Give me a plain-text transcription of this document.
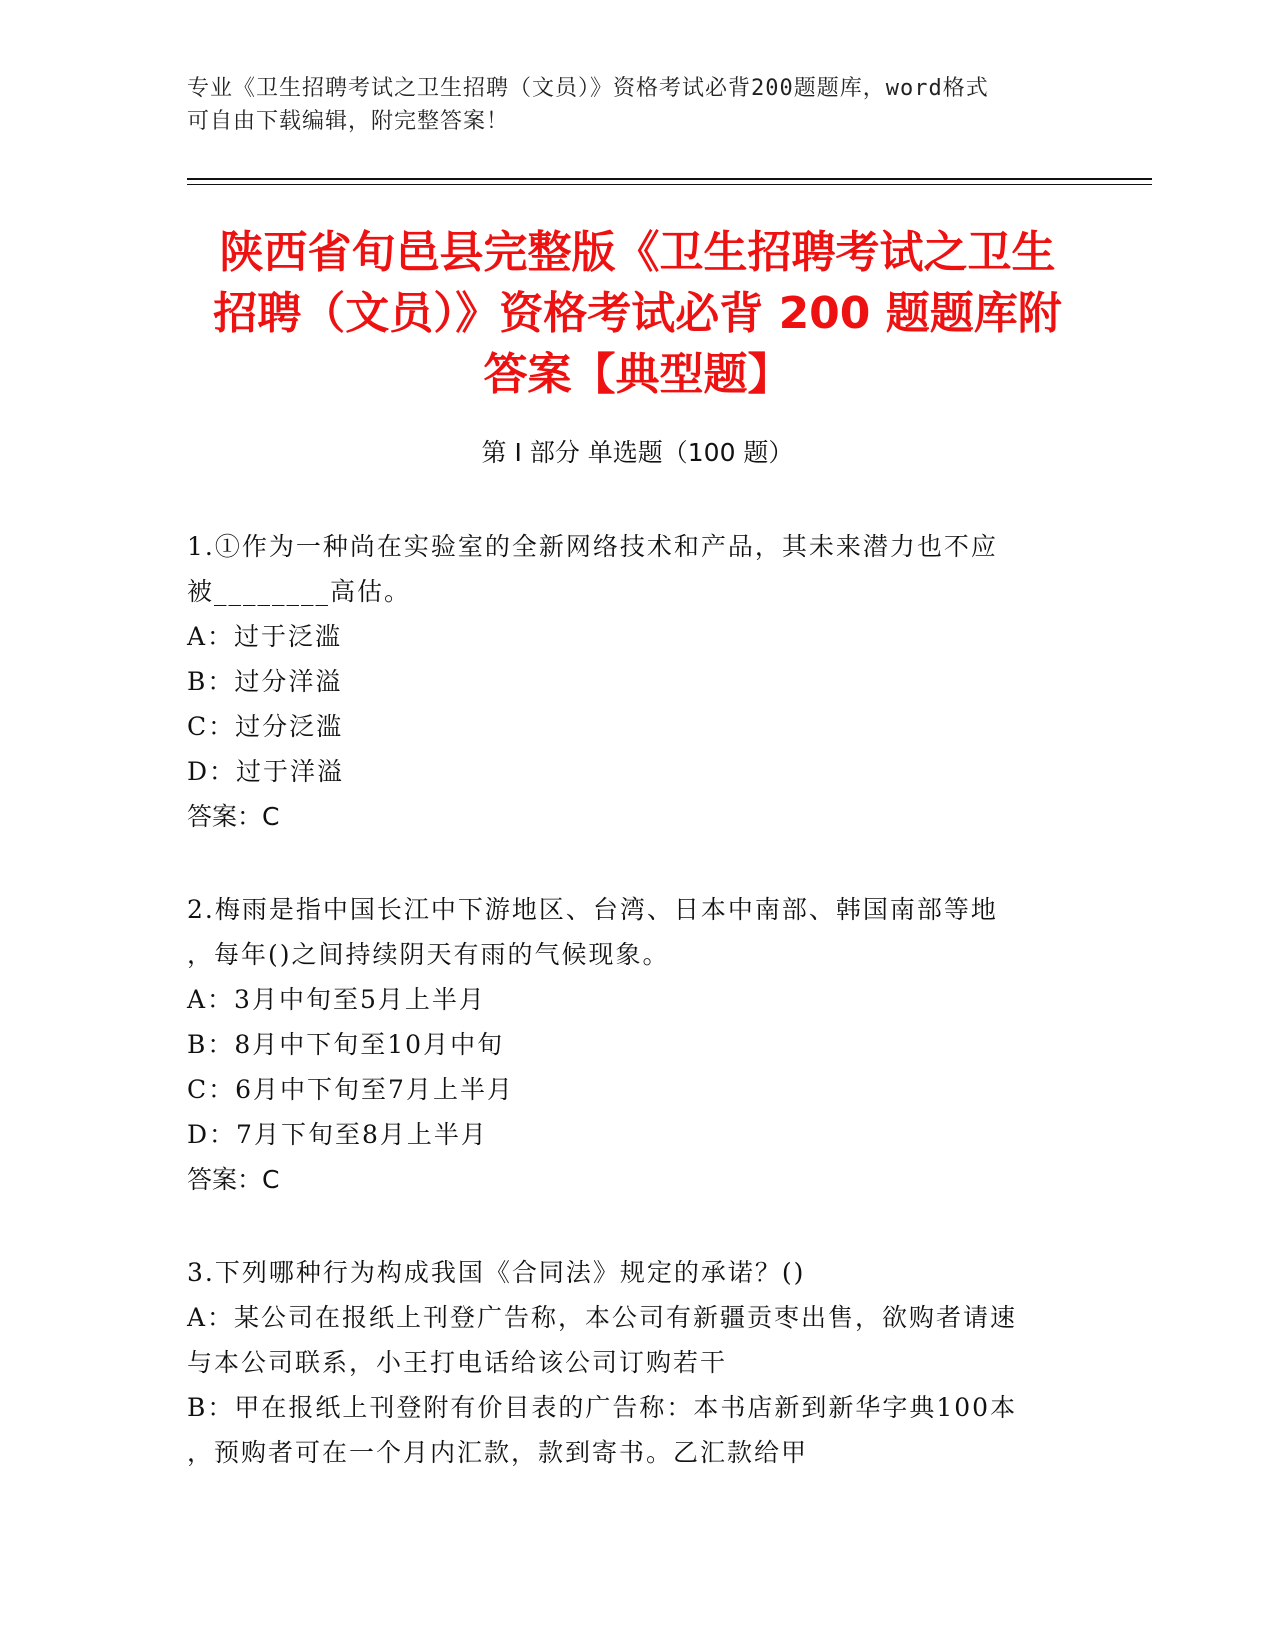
专业《卫生招聘考试之卫生招聘（文员）》资格考试必背200题题库，word格式
可自由下载编辑，附完整答案！
陕西省旬邑县完整版《卫生招聘考试之卫生
招聘（文员）》资格考试必背 200 题题库附
答案【典型题】
第 I 部分 单选题（100 题）
1.①作为一种尚在实验室的全新网络技术和产品，其未来潜力也不应
被________高估。
A：过于泛滥
B：过分洋溢
C：过分泛滥
D：过于洋溢
答案：C
2.梅雨是指中国长江中下游地区、台湾、日本中南部、韩国南部等地
，每年()之间持续阴天有雨的气候现象。
A：3月中旬至5月上半月
B：8月中下旬至10月中旬
C：6月中下旬至7月上半月
D：7月下旬至8月上半月
答案：C
3.下列哪种行为构成我国《合同法》规定的承诺？()
A：某公司在报纸上刊登广告称，本公司有新疆贡枣出售，欲购者请速
与本公司联系，小王打电话给该公司订购若干
B：甲在报纸上刊登附有价目表的广告称：本书店新到新华字典100本
，预购者可在一个月内汇款，款到寄书。乙汇款给甲
